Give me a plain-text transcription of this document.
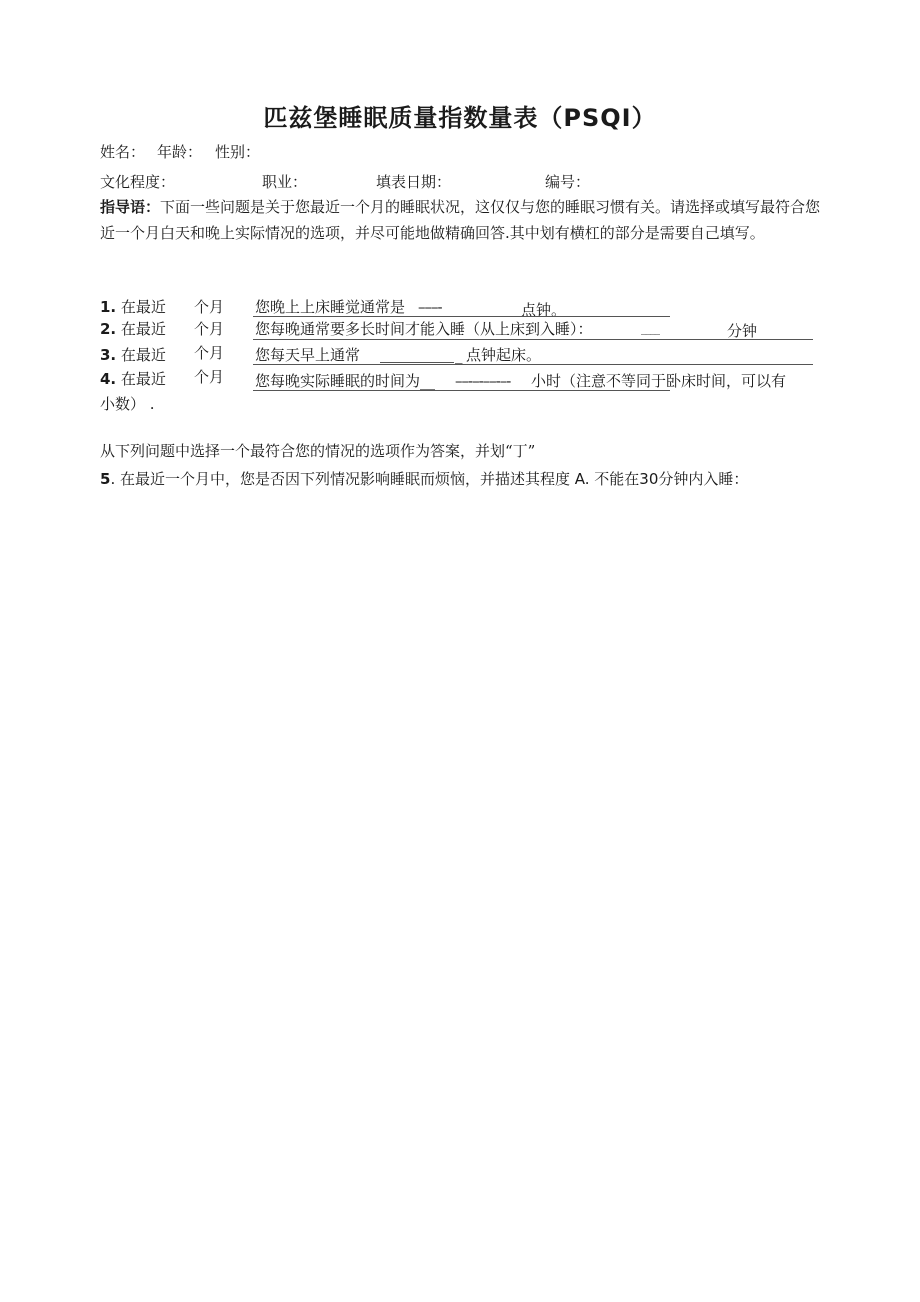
匹兹堡睡眠质量指数量表（PSQI）
姓名： 年龄： 性别：
文化程度：	职业：	填表日期：	编号：
指导语：下面一些问题是关于您最近一个月的睡眠状况，这仅仅与您的睡眠习惯有关。请选择或填写最符合您近一个月白天和晚上实际情况的选项，并尽可能地做精确回答.其中划有横杠的部分是需要自己填写。
1. 在最近 个月 您晚上上床睡觉通常是 –––-	点钟。
2. 在最近 个月 您每晚通常要多长时间才能入睡（从上床到入睡）：	____	分钟
3. 在最近 个月 您每天早上通常	_ 点钟起床。
4. 在最近 个月 您每晚实际睡眠的时间为__ ––-–-––-–- 小时（注意不等同于卧床时间，可以有
小数） .
从下列问题中选择一个最符合您的情况的选项作为答案，并划“丁”
5. 在最近一个月中，您是否因下列情况影响睡眠而烦恼，并描述其程度 A. 不能在30分钟内入睡：
